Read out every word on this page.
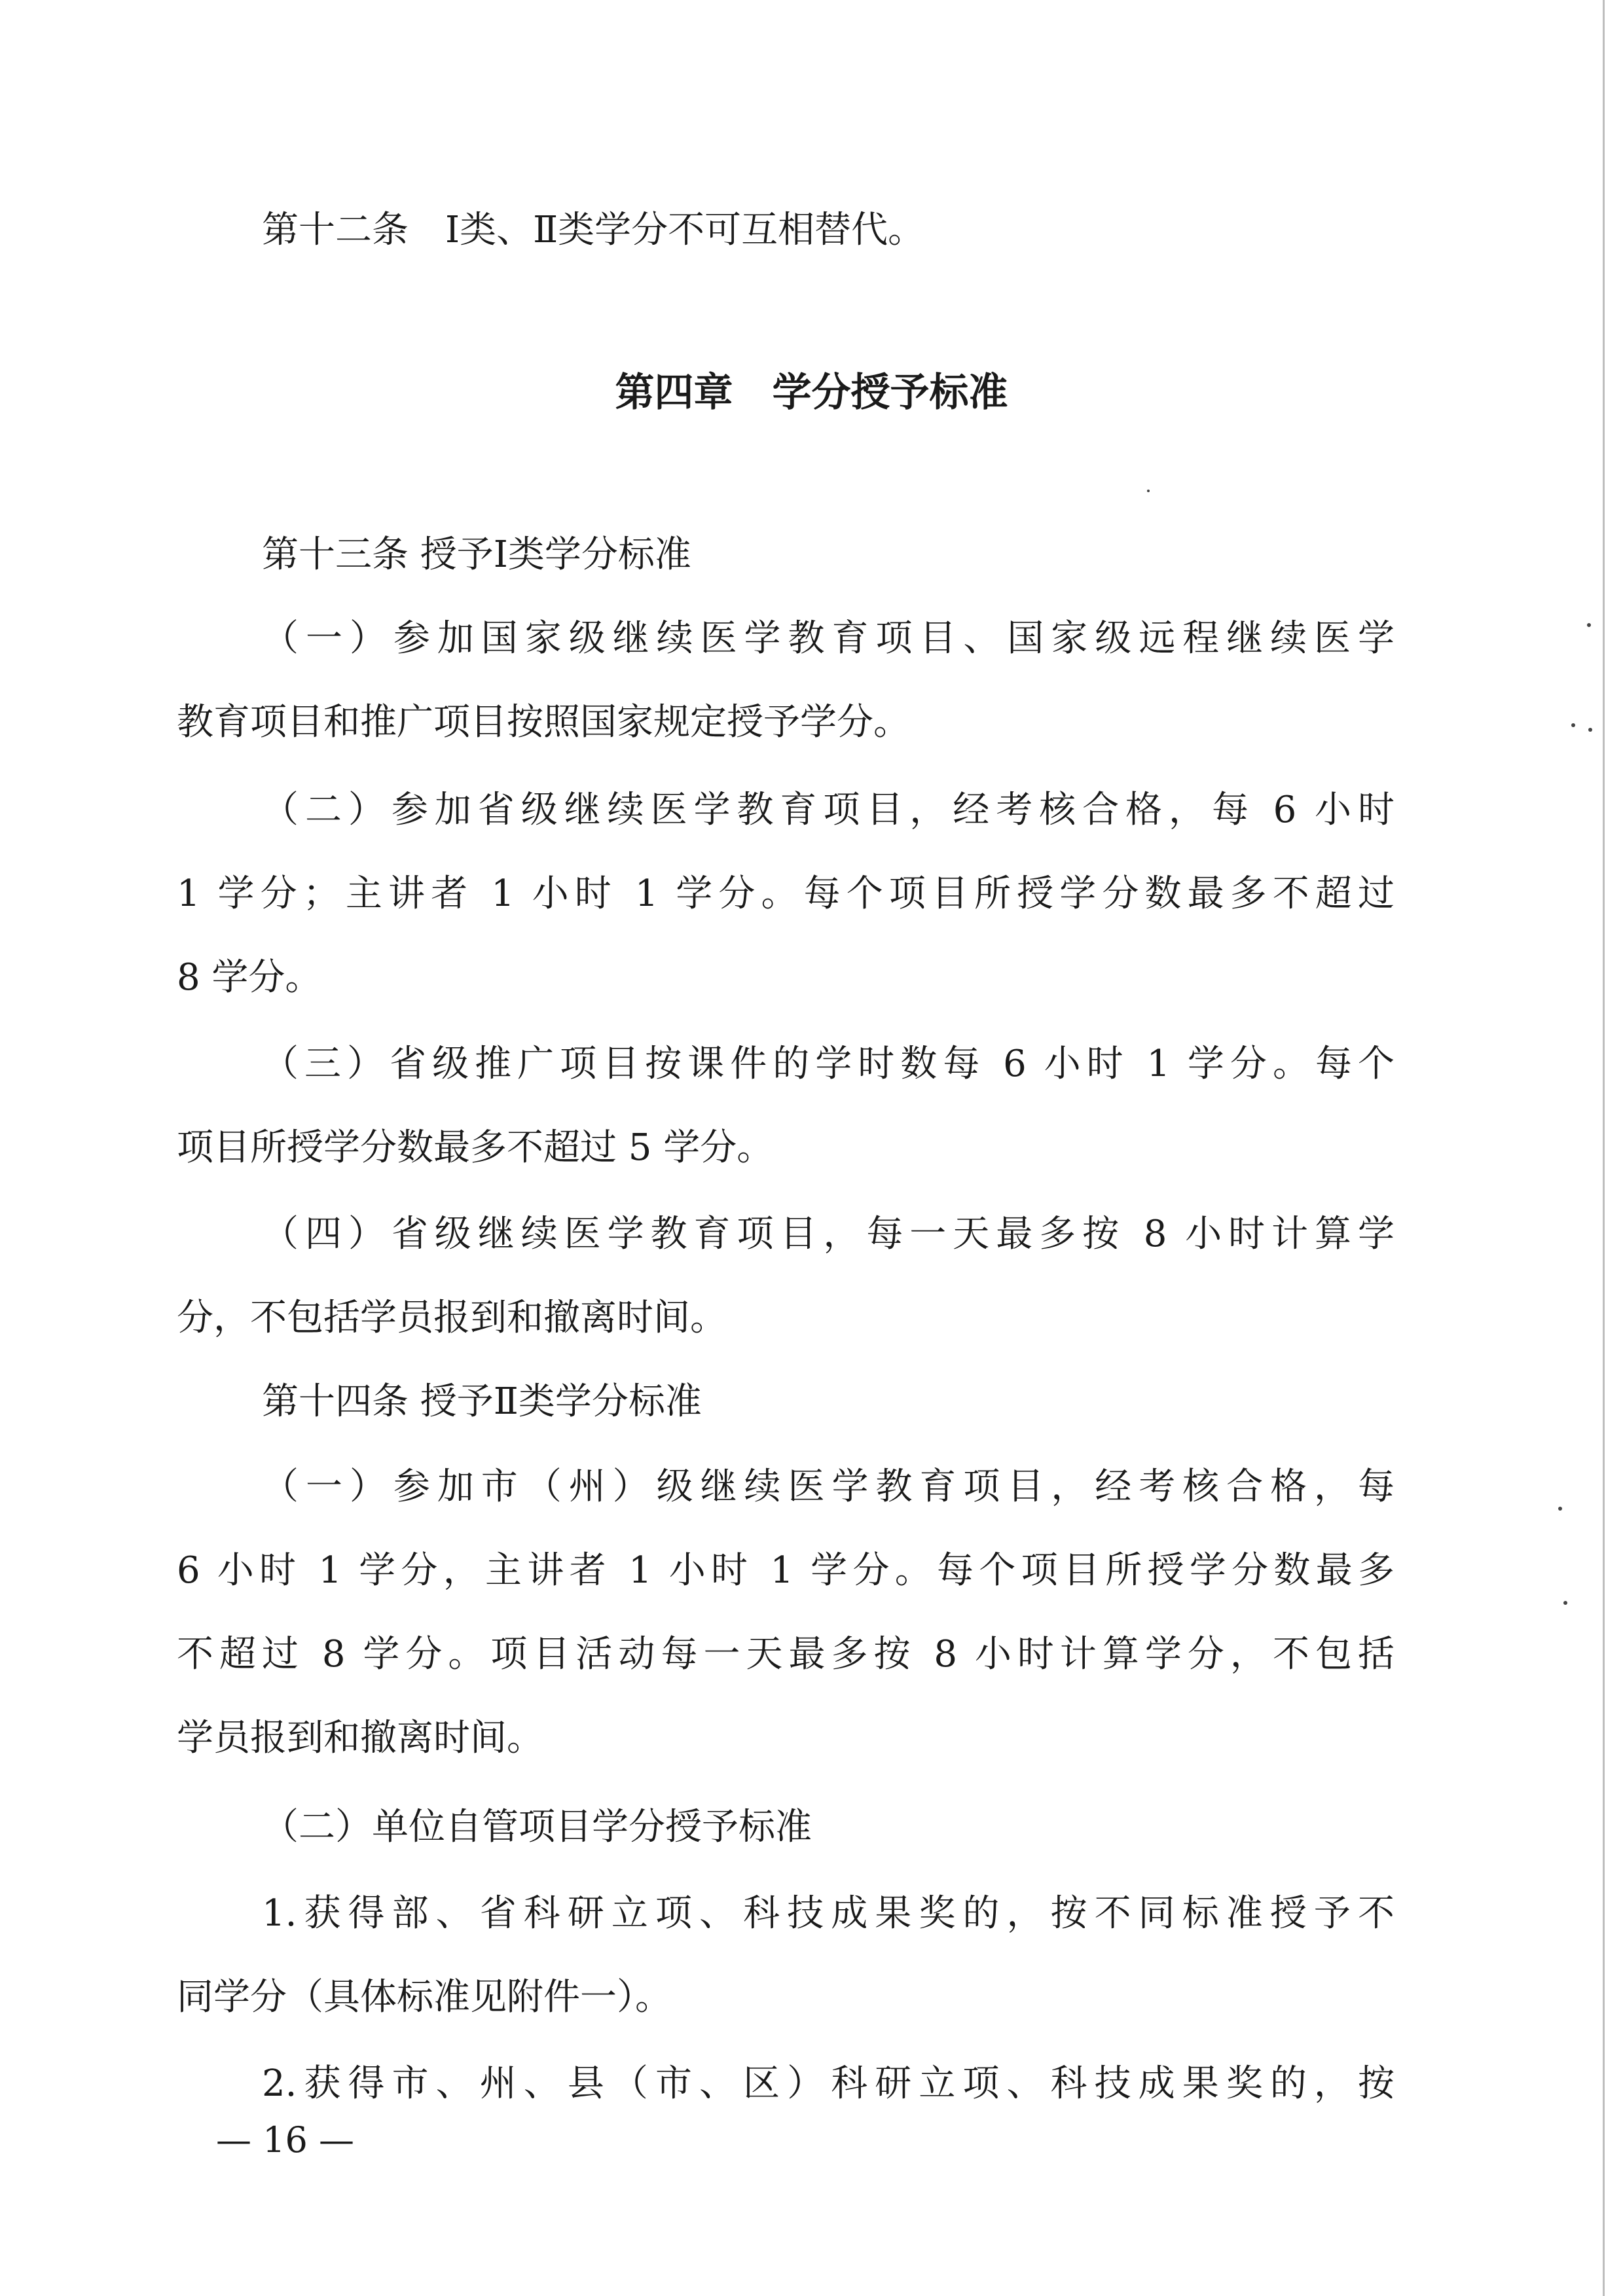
第十二条　Ⅰ类、Ⅱ类学分不可互相替代。
第四章　学分授予标准
第十三条 授予Ⅰ类学分标准
（一）参加国家级继续医学教育项目、国家级远程继续医学
教育项目和推广项目按照国家规定授予学分。
（二）参加省级继续医学教育项目，经考核合格，每 6 小时
1 学分；主讲者 1 小时 1 学分。每个项目所授学分数最多不超过
8 学分。
（三）省级推广项目按课件的学时数每 6 小时 1 学分。每个
项目所授学分数最多不超过 5 学分。
（四）省级继续医学教育项目，每一天最多按 8 小时计算学
分，不包括学员报到和撤离时间。
第十四条 授予Ⅱ类学分标准
（一）参加市（州）级继续医学教育项目，经考核合格，每
6 小时 1 学分，主讲者 1 小时 1 学分。每个项目所授学分数最多
不超过 8 学分。项目活动每一天最多按 8 小时计算学分，不包括
学员报到和撤离时间。
（二）单位自管项目学分授予标准
1.获得部、省科研立项、科技成果奖的，按不同标准授予不
同学分（具体标准见附件一）。
2.获得市、州、县（市、区）科研立项、科技成果奖的，按
— 16 —
